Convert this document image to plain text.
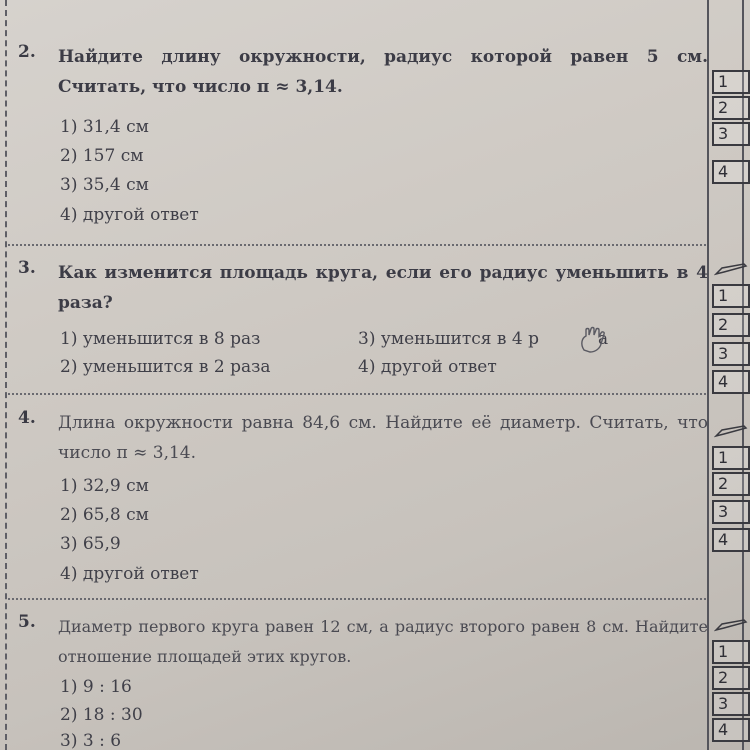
2. Найдите длину окружности, радиус которой равен 5 см. Считать, что число π ≈ 3,14.
1) 31,4 см
2) 157 см
3) 35,4 см
4) другой ответ
3. Как изменится площадь круга, если его радиус уменьшить в 4 раза?
1) уменьшится в 8 раз
2) уменьшится в 2 раза
3) уменьшится в 4 р	а
4) другой ответ
4. Длина окружности равна 84,6 см. Найдите её диаметр. Считать, что число π ≈ 3,14.
1) 32,9 см
2) 65,8 см
3) 65,9
4) другой ответ
5. Диаметр первого круга равен 12 см, а радиус второго равен 8 см. Найдите отношение площадей этих кругов.
1) 9 : 16
2) 18 : 30
3) 3 : 6
1
2
3
4
1
2
3
4
1
2
3
4
1
2
3
4
